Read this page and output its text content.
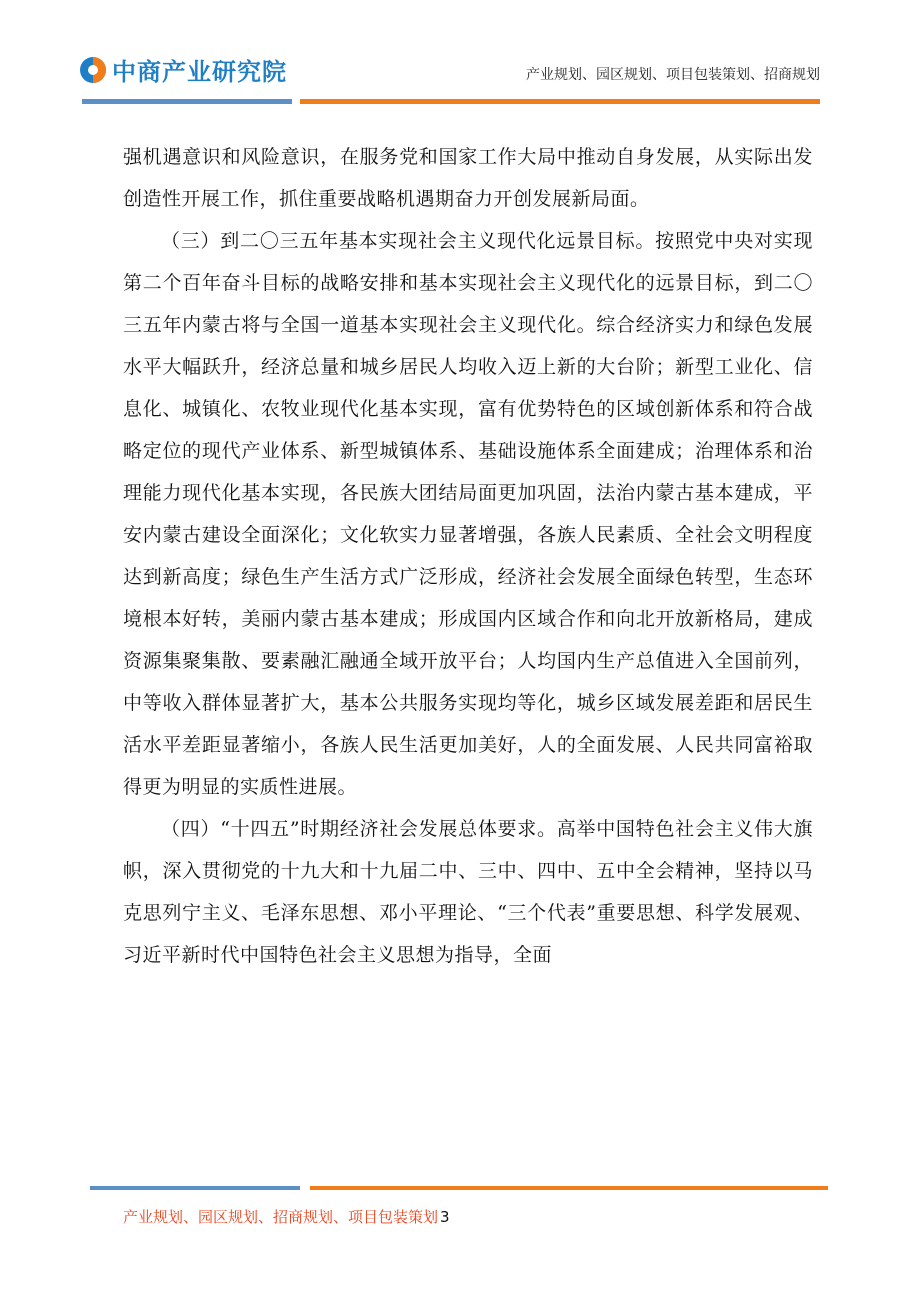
中商产业研究院	产业规划、园区规划、项目包装策划、招商规划

强机遇意识和风险意识，在服务党和国家工作大局中推动自身发展，从实际出发创造性开展工作，抓住重要战略机遇期奋力开创发展新局面。

（三）到二〇三五年基本实现社会主义现代化远景目标。按照党中央对实现第二个百年奋斗目标的战略安排和基本实现社会主义现代化的远景目标，到二〇三五年内蒙古将与全国一道基本实现社会主义现代化。综合经济实力和绿色发展水平大幅跃升，经济总量和城乡居民人均收入迈上新的大台阶；新型工业化、信息化、城镇化、农牧业现代化基本实现，富有优势特色的区域创新体系和符合战略定位的现代产业体系、新型城镇体系、基础设施体系全面建成；治理体系和治理能力现代化基本实现，各民族大团结局面更加巩固，法治内蒙古基本建成，平安内蒙古建设全面深化；文化软实力显著增强，各族人民素质、全社会文明程度达到新高度；绿色生产生活方式广泛形成，经济社会发展全面绿色转型，生态环境根本好转，美丽内蒙古基本建成；形成国内区域合作和向北开放新格局，建成资源集聚集散、要素融汇融通全域开放平台；人均国内生产总值进入全国前列，中等收入群体显著扩大，基本公共服务实现均等化，城乡区域发展差距和居民生活水平差距显著缩小，各族人民生活更加美好，人的全面发展、人民共同富裕取得更为明显的实质性进展。

（四）“十四五”时期经济社会发展总体要求。高举中国特色社会主义伟大旗帜，深入贯彻党的十九大和十九届二中、三中、四中、五中全会精神，坚持以马克思列宁主义、毛泽东思想、邓小平理论、“三个代表”重要思想、科学发展观、习近平新时代中国特色社会主义思想为指导，全面

产业规划、园区规划、招商规划、项目包装策划 3
